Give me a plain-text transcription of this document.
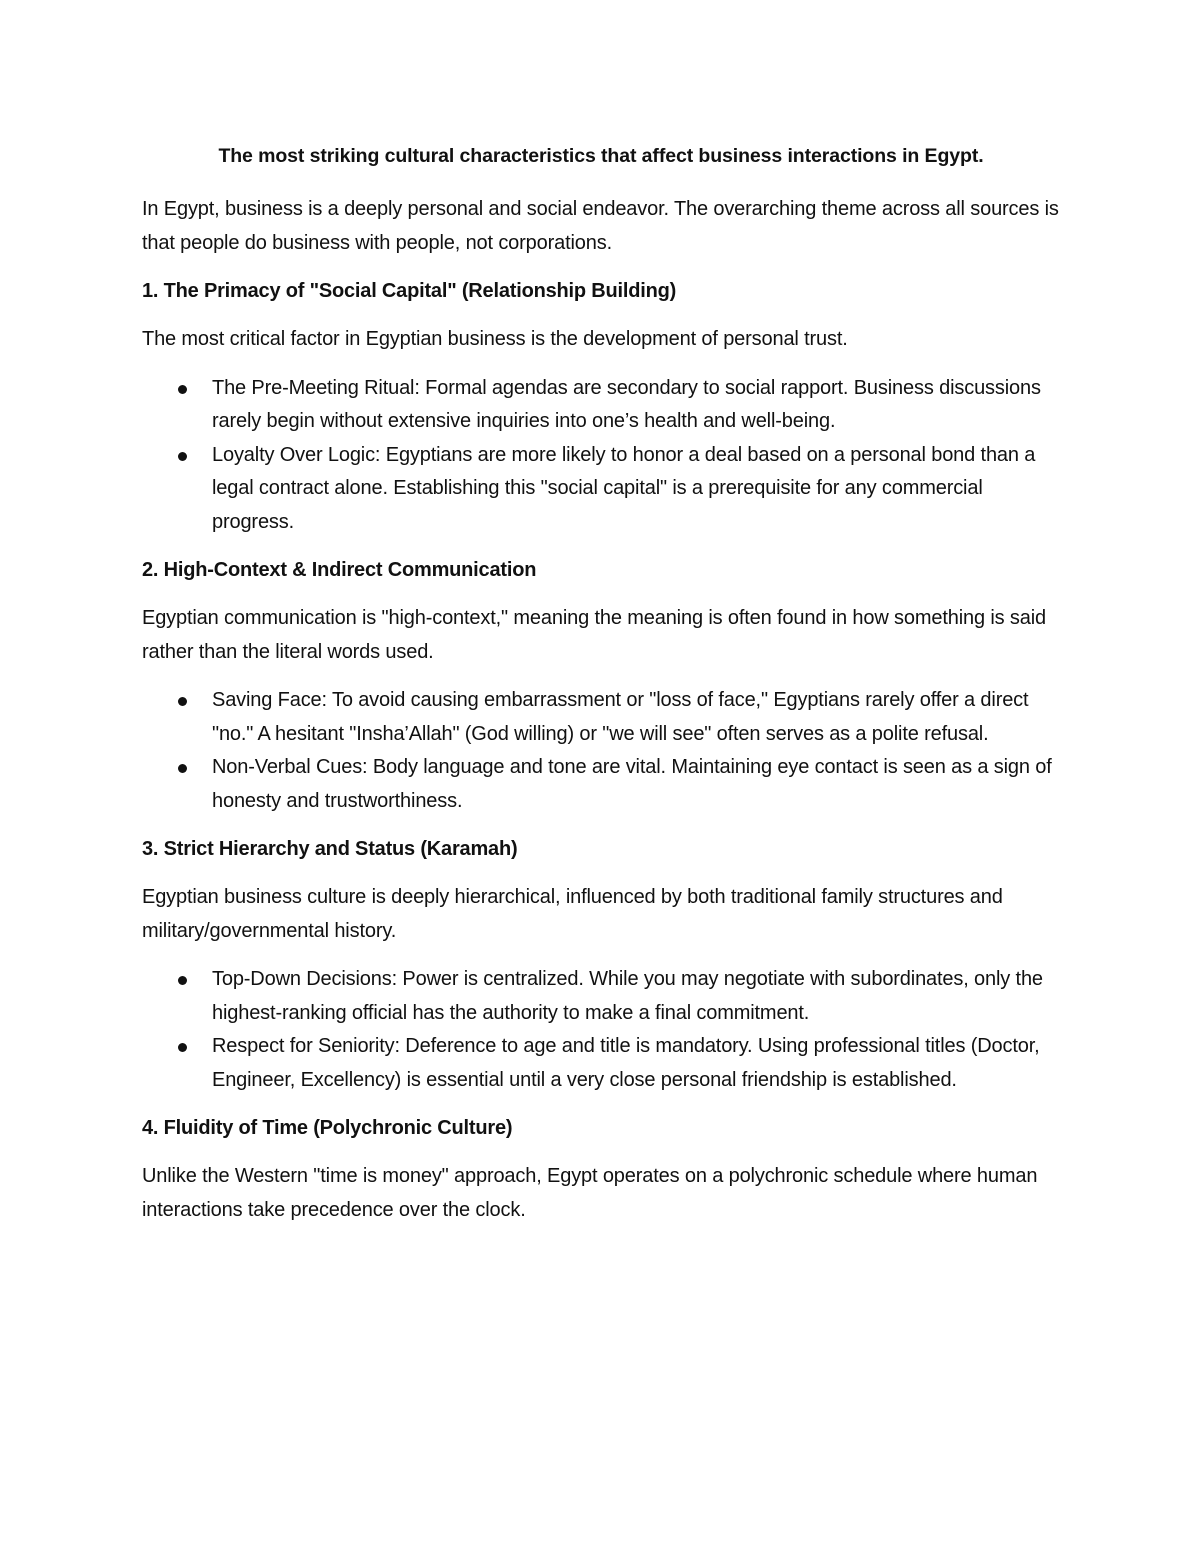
The most striking cultural characteristics that affect business interactions in Egypt.

In Egypt, business is a deeply personal and social endeavor. The overarching theme across all sources is that people do business with people, not corporations.

1. The Primacy of "Social Capital" (Relationship Building)

The most critical factor in Egyptian business is the development of personal trust.

The Pre-Meeting Ritual: Formal agendas are secondary to social rapport. Business discussions rarely begin without extensive inquiries into one’s health and well-being.
Loyalty Over Logic: Egyptians are more likely to honor a deal based on a personal bond than a legal contract alone. Establishing this "social capital" is a prerequisite for any commercial progress.
2. High-Context & Indirect Communication

Egyptian communication is "high-context," meaning the meaning is often found in how something is said rather than the literal words used.

Saving Face: To avoid causing embarrassment or "loss of face," Egyptians rarely offer a direct "no." A hesitant "Insha’Allah" (God willing) or "we will see" often serves as a polite refusal.
Non-Verbal Cues: Body language and tone are vital. Maintaining eye contact is seen as a sign of honesty and trustworthiness.
3. Strict Hierarchy and Status (Karamah)

Egyptian business culture is deeply hierarchical, influenced by both traditional family structures and military/governmental history.

Top-Down Decisions: Power is centralized. While you may negotiate with subordinates, only the highest-ranking official has the authority to make a final commitment.
Respect for Seniority: Deference to age and title is mandatory. Using professional titles (Doctor, Engineer, Excellency) is essential until a very close personal friendship is established.
4. Fluidity of Time (Polychronic Culture)

Unlike the Western "time is money" approach, Egypt operates on a polychronic schedule where human interactions take precedence over the clock.
